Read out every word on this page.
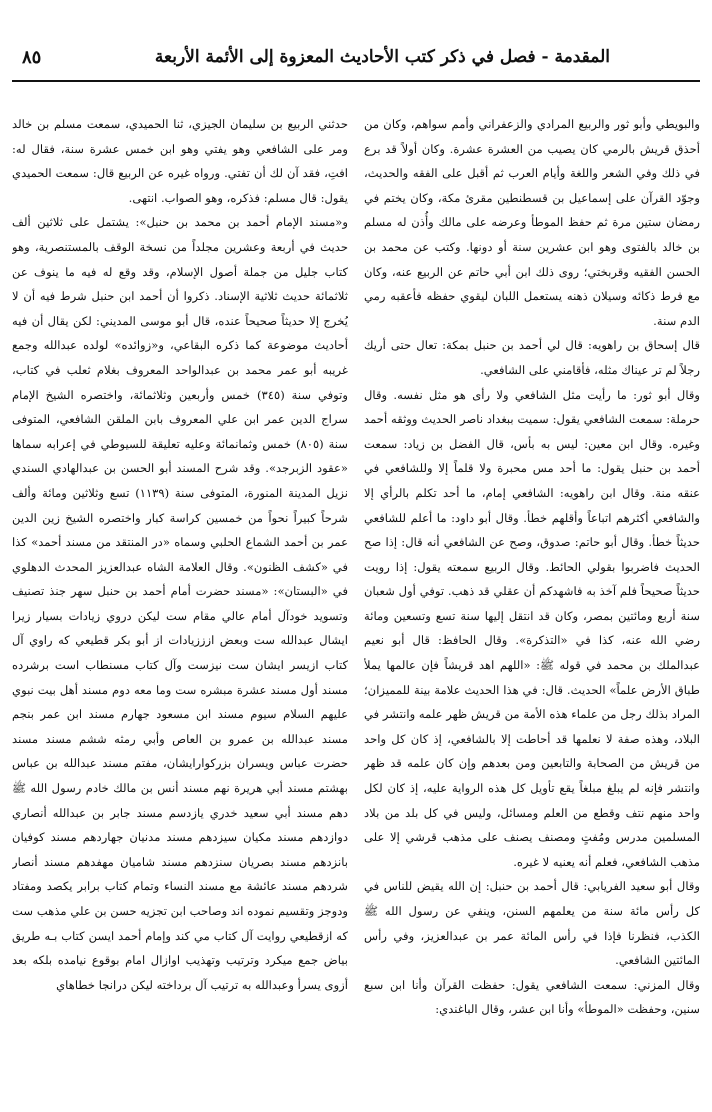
المقدمة - فصل في ذكر كتب الأحاديث المعزوة إلى الأئمة الأربعة
٨٥

والبويطي وأبو ثور والربيع المرادي والزعفراني وأمم سواهم، وكان من أحذق قريش بالرمي كان يصيب من العشرة عشرة. وكان أولاً قد برع في ذلك وفي الشعر واللغة وأيام العرب ثم أقبل على الفقه والحديث، وجوّد القرآن على إسماعيل بن قسطنطين مقرئ مكة، وكان يختم في رمضان ستين مرة ثم حفظ الموطأ وعرضه على مالك وأُذن له مسلم بن خالد بالفتوى وهو ابن عشرين سنة أو دونها. وكتب عن محمد بن الحسن الفقيه وقربختي؛ روى ذلك ابن أبي حاتم عن الربيع عنه، وكان مع فرط ذكائه وسيلان ذهنه يستعمل اللبان ليقوي حفظه فأعقبه رمي الدم سنة.

قال إسحاق بن راهويه: قال لي أحمد بن حنبل بمكة: تعال حتى أريك رجلاً لم تر عيناك مثله، فأقامني على الشافعي.

وقال أبو ثور: ما رأيت مثل الشافعي ولا رأى هو مثل نفسه. وقال حرملة: سمعت الشافعي يقول: سميت ببغداد ناصر الحديث ووثقه أحمد وغيره. وقال ابن معين: ليس به بأس، قال الفضل بن زياد: سمعت أحمد بن حنبل يقول: ما أحد مس محبرة ولا قلماً إلا وللشافعي في عنقه منة. وقال ابن راهويه: الشافعي إمام، ما أحد تكلم بالرأي إلا والشافعي أكثرهم اتباعاً وأقلهم خطأ. وقال أبو داود: ما أعلم للشافعي حديثاً خطأ. وقال أبو حاتم: صدوق، وصح عن الشافعي أنه قال: إذا صح الحديث فاضربوا بقولي الحائط. وقال الربيع سمعته يقول: إذا رويت حديثاً صحيحاً فلم آخذ به فاشهدكم أن عقلي قد ذهب. توفي أول شعبان سنة أربع ومائتين بمصر، وكان قد انتقل إليها سنة تسع وتسعين ومائة رضي الله عنه، كذا في «التذكرة». وقال الحافظ: قال أبو نعيم عبدالملك بن محمد في قوله ﷺ: «اللهم اهد قريشاً فإن عالمها يملأ طباق الأرض علماً» الحديث. قال: في هذا الحديث علامة بينة للمميزان؛ المراد بذلك رجل من علماء هذه الأمة من قريش ظهر علمه وانتشر في البلاد، وهذه صفة لا نعلمها قد أحاطت إلا بالشافعي، إذ كان كل واحد من قريش من الصحابة والتابعين ومن بعدهم وإن كان علمه قد ظهر وانتشر فإنه لم يبلغ مبلغاً يقع تأويل كل هذه الرواية عليه، إذ كان لكل واحد منهم نتف وقطع من العلم ومسائل، وليس في كل بلد من بلاد المسلمين مدرس ومُفتٍ ومصنف يصنف على مذهب قرشي إلا على مذهب الشافعي، فعلم أنه يعنيه لا غيره.

وقال أبو سعيد الفريابي: قال أحمد بن حنبل: إن الله يقيض للناس في كل رأس مائة سنة من يعلمهم السنن، وينفي عن رسول الله ﷺ الكذب، فنظرنا فإذا في رأس المائة عمر بن عبدالعزيز، وفي رأس المائتين الشافعي.

وقال المزني: سمعت الشافعي يقول: حفظت القرآن وأنا ابن سبع سنين، وحفظت «الموطأ» وأنا ابن عشر، وقال الباغندي:

حدثني الربيع بن سليمان الجيزي، ثنا الحميدي، سمعت مسلم بن خالد ومر على الشافعي وهو يفتي وهو ابن خمس عشرة سنة، فقال له: افتِ، فقد آن لك أن تفتي. ورواه غيره عن الربيع قال: سمعت الحميدي يقول: قال مسلم: فذكره، وهو الصواب. انتهى.

و«مسند الإمام أحمد بن محمد بن حنبل»: يشتمل على ثلاثين ألف حديث في أربعة وعشرين مجلداً من نسخة الوقف بالمستنصرية، وهو كتاب جليل من جملة أصول الإسلام، وقد وقع له فيه ما ينوف عن ثلاثمائة حديث ثلاثية الإسناد. ذكروا أن أحمد ابن حنبل شرط فيه أن لا يُخرج إلا حديثاً صحيحاً عنده، قال أبو موسى المديني: لكن يقال أن فيه أحاديث موضوعة كما ذكره البقاعي، و«زوائده» لولده عبدالله وجمع غريبه أبو عمر محمد بن عبدالواحد المعروف بغلام ثعلب في كتاب، وتوفي سنة (٣٤٥) خمس وأربعين وثلاثمائة، واختصره الشيخ الإمام سراج الدين عمر ابن علي المعروف بابن الملقن الشافعي، المتوفى سنة (٨٠٥) خمس وثمانمائة وعليه تعليقة للسيوطي في إعرابه سماها «عقود الزبرجد». وقد شرح المسند أبو الحسن بن عبدالهادي السندي نزيل المدينة المنورة، المتوفى سنة (١١٣٩) تسع وثلاثين ومائة وألف شرحاً كبيراً نحواً من خمسين كراسة كبار واختصره الشيخ زين الدين عمر بن أحمد الشماع الحلبي وسماه «در المنتقد من مسند أحمد» كذا في «كشف الظنون». وقال العلامة الشاه عبدالعزيز المحدث الدهلوي في «البستان»: «مسند حضرت أمام أحمد بن حنبل سهر جنذ تصنيف وتسويد خودآل أمام عالي مقام ست ليكن دروي زيادات بسيار زيرا ايشال عبدالله ست وبعض ازززيادات از أبو بكر قطيعي كه راوي آل كتاب ازيسر ايشان ست نيزست وآل كتاب مسنطاب است برشرده مسند أول مسند عشرة مبشره ست وما معه دوم مسند أهل بيت نبوي عليهم السلام سيوم مسند ابن مسعود جهارم مسند ابن عمر بنجم مسند عبدالله بن عمرو بن العاص وأبي رمثه ششم مسند مسند حضرت عباس ويسران بزركوارايشان، مفتم مسند عبدالله بن عباس بهشتم مسند أبي هريرة نهم مسند أنس بن مالك خادم رسول الله ﷺ دهم مسند أبي سعيد خدري يازدسم مسند جابر بن عبدالله أنصاري دوازدهم مسند مكيان سيزدهم مسند مدنيان جهاردهم مسند كوفيان بانزدهم مسند بصريان سنزدهم مسند شاميان مهفدهم مسند أنصار شردهم مسند عائشة مع مسند النساء وتمام كتاب برابر يكصد ومفتاد ودوجز وتقسيم نموده اند وصاحب ابن تجزيه حسن بن علي مذهب ست كه ازقطيعي روايت آل كتاب مي كند وإمام أحمد ايسن كتاب بـه طريق بياض جمع ميكرد وترتيب وتهذيب اوازال امام بوقوع نيامده بلكه بعد أزوى يسرأ وعبدالله به ترتيب آل برداخته ليكن درانجا خطاهاي
